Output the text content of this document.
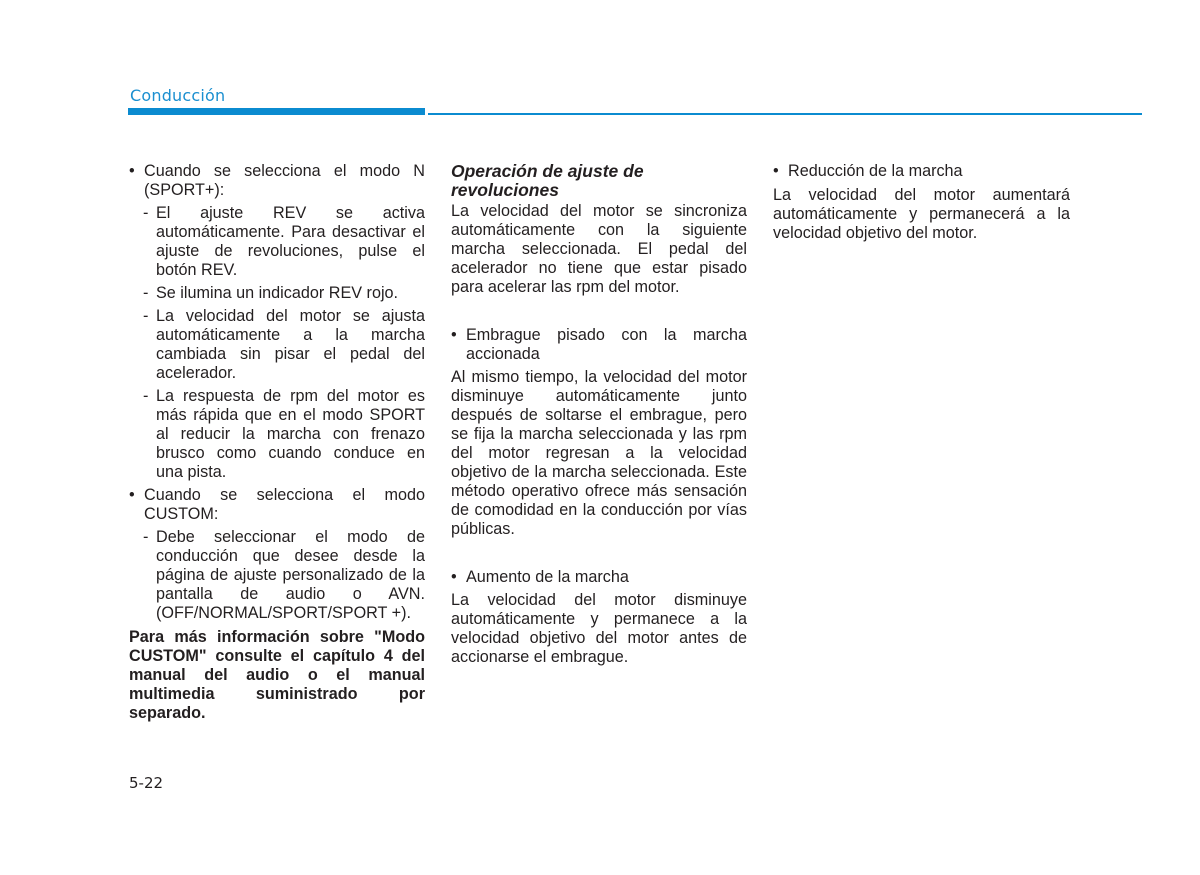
Conducción
• Cuando se selecciona el modo N (SPORT+):
- El ajuste REV se activa automáticamente. Para desactivar el ajuste de revoluciones, pulse el botón REV.
- Se ilumina un indicador REV rojo.
- La velocidad del motor se ajusta automáticamente a la marcha cambiada sin pisar el pedal del acelerador.
- La respuesta de rpm del motor es más rápida que en el modo SPORT al reducir la marcha con frenazo brusco como cuando conduce en una pista.
• Cuando se selecciona el modo CUSTOM:
- Debe seleccionar el modo de conducción que desee desde la página de ajuste personalizado de la pantalla de audio o AVN. (OFF/NORMAL/SPORT/SPORT +).

Para más información sobre "Modo CUSTOM" consulte el capítulo 4 del manual del audio o el manual multimedia suministrado por separado.

Operación de ajuste de revoluciones

La velocidad del motor se sincroniza automáticamente con la siguiente marcha seleccionada. El pedal del acelerador no tiene que estar pisado para acelerar las rpm del motor.

• Embrague pisado con la marcha accionada

Al mismo tiempo, la velocidad del motor disminuye automáticamente junto después de soltarse el embrague, pero se fija la marcha seleccionada y las rpm del motor regresan a la velocidad objetivo de la marcha seleccionada. Este método operativo ofrece más sensación de comodidad en la conducción por vías públicas.

• Aumento de la marcha

La velocidad del motor disminuye automáticamente y permanece a la velocidad objetivo del motor antes de accionarse el embrague.

• Reducción de la marcha

La velocidad del motor aumentará automáticamente y permanecerá a la velocidad objetivo del motor.

5-22
